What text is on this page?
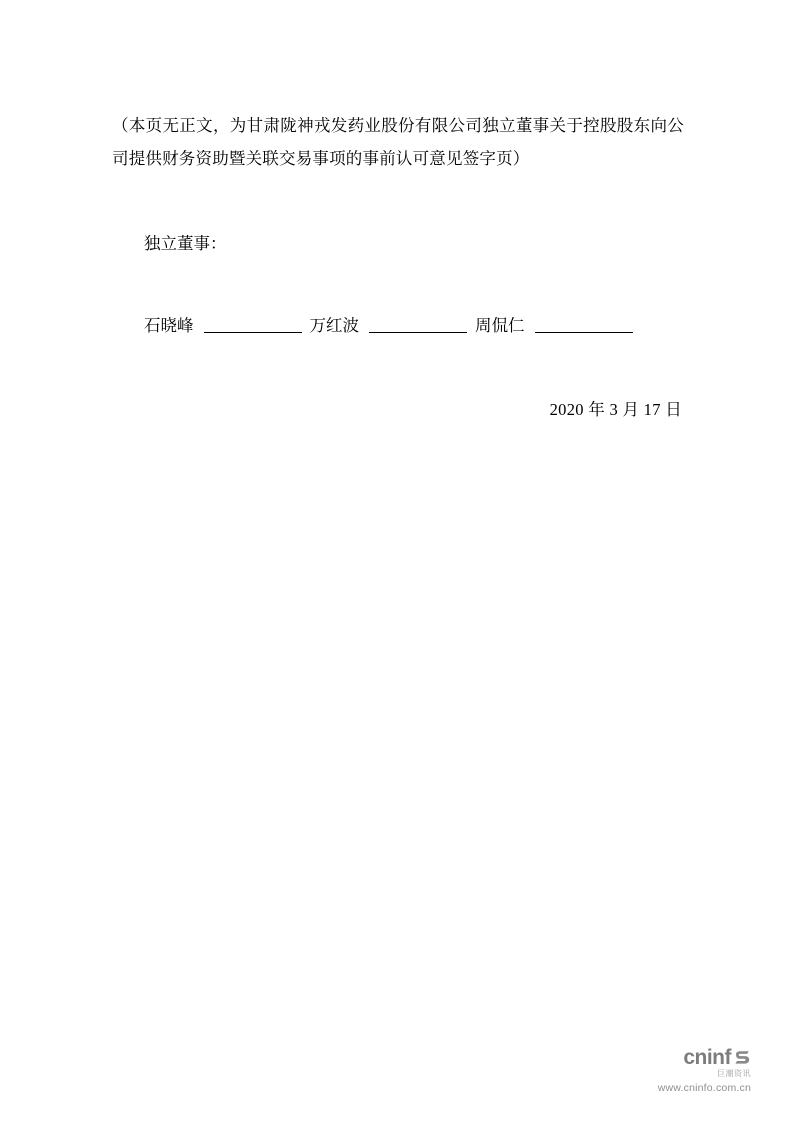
（本页无正文，为甘肃陇神戎发药业股份有限公司独立董事关于控股股东向公司提供财务资助暨关联交易事项的事前认可意见签字页）

独立董事：
石晓峰	万红波	周侃仁
2020 年 3 月 17 日
cninf
巨潮资讯
www.cninfo.com.cn
